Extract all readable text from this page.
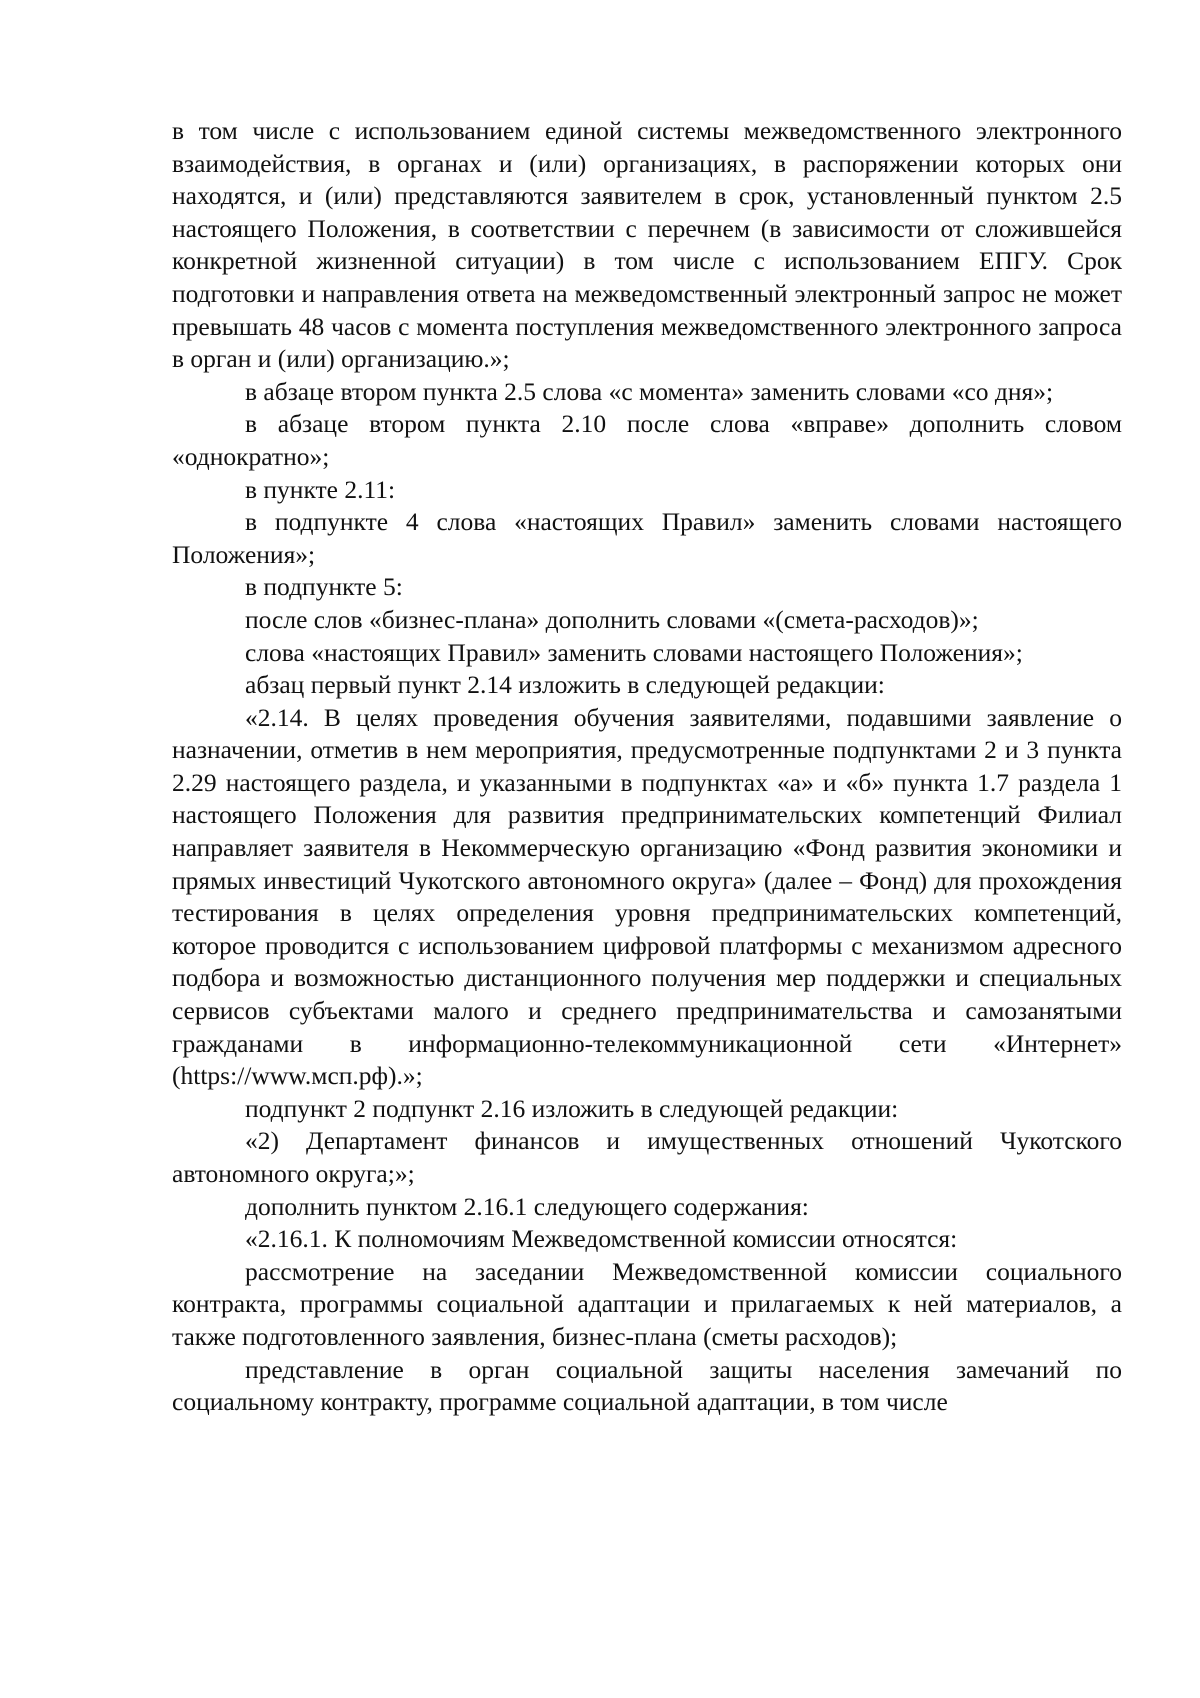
в том числе с использованием единой системы межведомственного электронного взаимодействия, в органах и (или) организациях, в распоряжении которых они находятся, и (или) представляются заявителем в срок, установленный пунктом 2.5 настоящего Положения, в соответствии с перечнем (в зависимости от сложившейся конкретной жизненной ситуации) в том числе с использованием ЕПГУ. Срок подготовки и направления ответа на межведомственный электронный запрос не может превышать 48 часов с момента поступления межведомственного электронного запроса в орган и (или) организацию.»;

в абзаце втором пункта 2.5 слова «с момента» заменить словами «со дня»;

в абзаце втором пункта 2.10 после слова «вправе» дополнить словом «однократно»;

в пункте 2.11:

в подпункте 4 слова «настоящих Правил» заменить словами настоящего Положения»;

в подпункте 5:

после слов «бизнес-плана» дополнить словами «(смета-расходов)»;

слова «настоящих Правил» заменить словами настоящего Положения»;

абзац первый пункт 2.14 изложить в следующей редакции:

«2.14. В целях проведения обучения заявителями, подавшими заявление о назначении, отметив в нем мероприятия, предусмотренные подпунктами 2 и 3 пункта 2.29 настоящего раздела, и указанными в подпунктах «а» и «б» пункта 1.7 раздела 1 настоящего Положения для развития предпринимательских компетенций Филиал направляет заявителя в Некоммерческую организацию «Фонд развития экономики и прямых инвестиций Чукотского автономного округа» (далее – Фонд) для прохождения тестирования в целях определения уровня предпринимательских компетенций, которое проводится с использованием цифровой платформы с механизмом адресного подбора и возможностью дистанционного получения мер поддержки и специальных сервисов субъектами малого и среднего предпринимательства и самозанятыми гражданами в информационно-телекоммуникационной сети «Интернет» (https://www.мсп.рф).»;

подпункт 2 подпункт 2.16 изложить в следующей редакции:

«2) Департамент финансов и имущественных отношений Чукотского автономного округа;»;

дополнить пунктом 2.16.1 следующего содержания:

«2.16.1. К полномочиям Межведомственной комиссии относятся:

рассмотрение на заседании Межведомственной комиссии социального контракта, программы социальной адаптации и прилагаемых к ней материалов, а также подготовленного заявления, бизнес-плана (сметы расходов);

представление в орган социальной защиты населения замечаний по социальному контракту, программе социальной адаптации, в том числе
